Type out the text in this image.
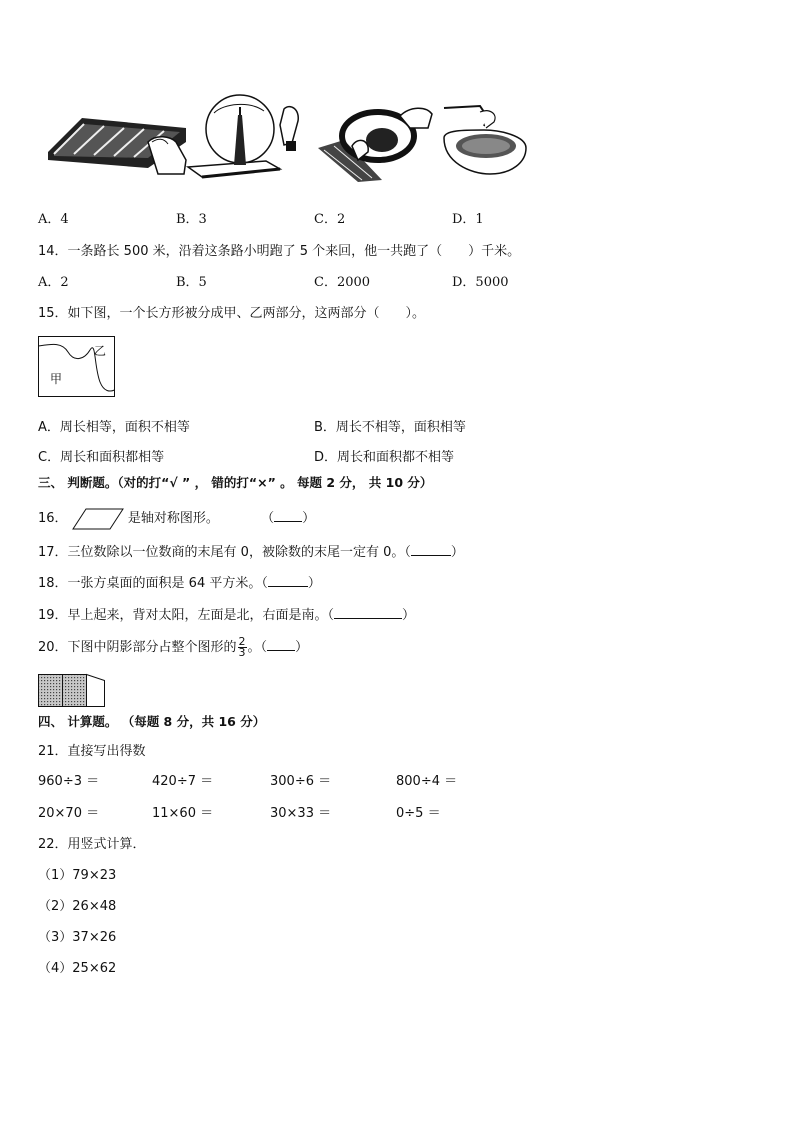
A．4	B．3	C．2	D．1
14．一条路长 500 米，沿着这条路小明跑了 5 个来回，他一共跑了（　　）千米。
A．2	B．5	C．2000	D．5000
15．如下图，一个长方形被分成甲、乙两部分，这两部分（　　）。
乙
甲
A．周长相等，面积不相等	B．周长不相等，面积相等
C．周长和面积都相等	D．周长和面积都不相等
三、 判断题。（对的打“√ ” ， 错的打“×” 。 每题 2 分， 共 10 分）
16．	是轴对称图形。	（ ）
17．三位数除以一位数商的末尾有 0，被除数的末尾一定有 0。（	）
18．一张方桌面的面积是 64 平方米。（	）
19．早上起来，背对太阳，左面是北，右面是南。（	）
20．下图中阴影部分占整个图形的 $\frac{2}{3}$ 。（ ）
四、 计算题。 （每题 8 分，共 16 分）
21．直接写出得数
960÷3 ＝	420÷7 ＝	300÷6 ＝	800÷4 ＝
20×70 ＝	11×60 ＝	30×33 ＝	0÷5 ＝
22．用竖式计算．
（1）79×23
（2）26×48
（3）37×26
（4）25×62
